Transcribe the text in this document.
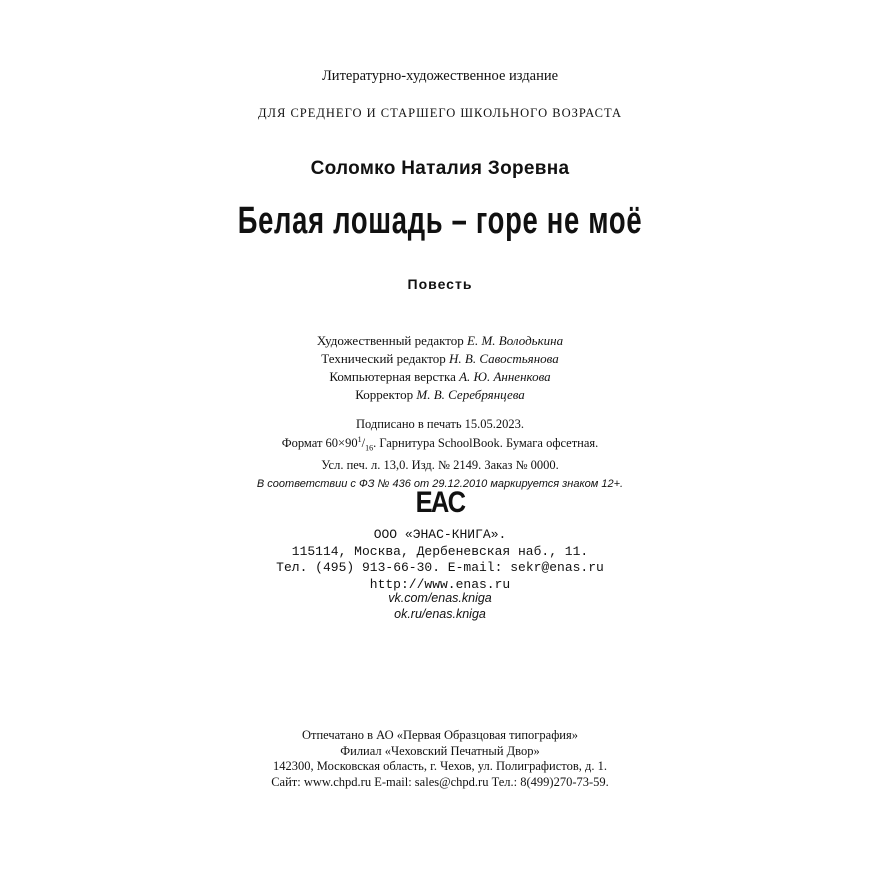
Литературно-художественное издание
ДЛЯ СРЕДНЕГО И СТАРШЕГО ШКОЛЬНОГО ВОЗРАСТА
Соломко Наталия Зоревна
Белая лошадь – горе не моё
Повесть
Художественный редактор Е. М. Володькина
Технический редактор Н. В. Савостьянова
Компьютерная верстка А. Ю. Анненкова
Корректор М. В. Серебрянцева
Подписано в печать 15.05.2023.
Формат $60\times 90^1/_{16}$. Гарнитура SchoolBook. Бумага офсетная.
Усл. печ. л. 13,0. Изд. № 2149. Заказ № 0000.
В соответствии с ФЗ № 436 от 29.12.2010 маркируется знаком 12+.
EAC
ООО «ЭНАС-КНИГА».
115114, Москва, Дербеневская наб., 11.
Тел. (495) 913-66-30. E-mail: sekr@enas.ru
http://www.enas.ru
vk.com/enas.kniga
ok.ru/enas.kniga
Отпечатано в АО «Первая Образцовая типография»
Филиал «Чеховский Печатный Двор»
142300, Московская область, г. Чехов, ул. Полиграфистов, д. 1.
Сайт: www.chpd.ru E-mail: sales@chpd.ru Тел.: 8(499)270-73-59.
